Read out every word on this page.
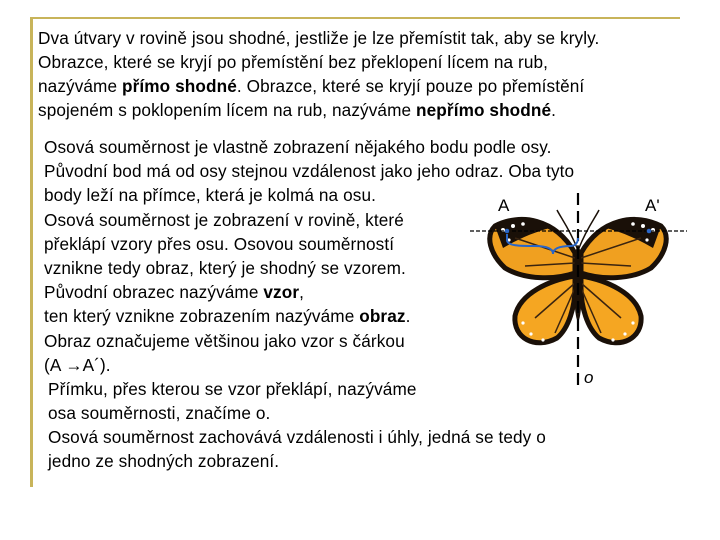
Dva útvary v rovině jsou shodné, jestliže je lze přemístit tak, aby se kryly.

Obrazce, které se kryjí po přemístění bez překlopení lícem na rub,

nazýváme přímo shodné. Obrazce, které se kryjí pouze po přemístění

spojeném s poklopením lícem na rub, nazýváme nepřímo shodné.

Osová souměrnost je vlastně zobrazení nějakého bodu podle osy.
Původní bod má od osy stejnou vzdálenost jako jeho odraz. Oba tyto
body leží na přímce, která je kolmá na osu.
Osová souměrnost je zobrazení v rovině, které
překlápí vzory přes osu. Osovou souměrností
vznikne tedy obraz, který je shodný se vzorem.
Původní obrazec nazýváme vzor,
ten který vznikne zobrazením nazýváme obraz.
Obraz označujeme většinou jako vzor s čárkou
(A →A´).
Přímku, přes kterou se vzor překlápí, nazýváme
osa souměrnosti, značíme o.
Osová souměrnost zachovává vzdálenosti i úhly, jedná se tedy o
jedno ze shodných zobrazení.
A	A'
o
